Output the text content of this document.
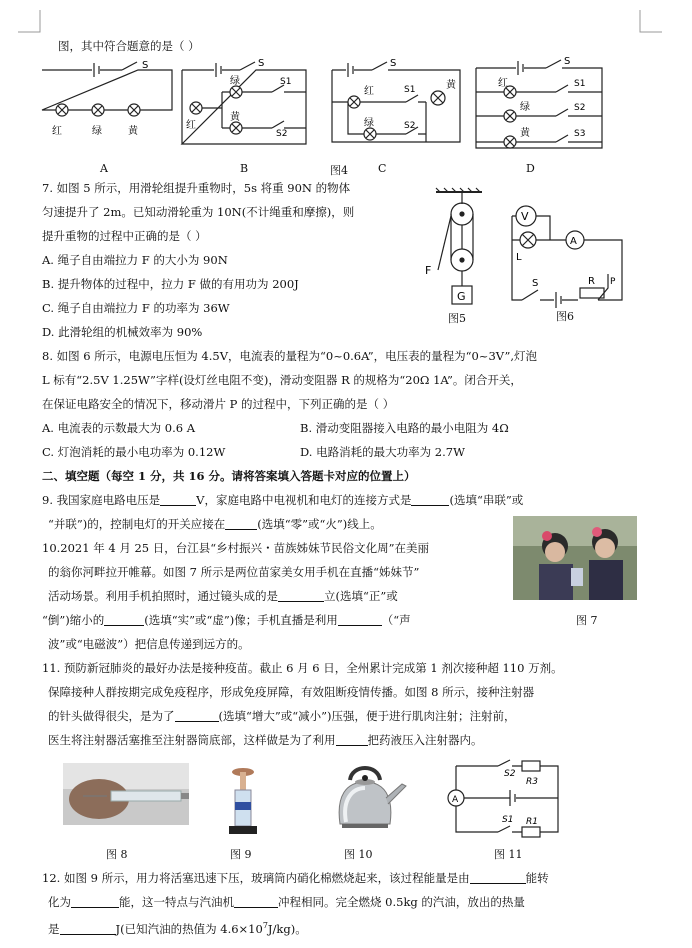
图，其中符合题意的是（ ）
S
红	绿	黄
S
S1
S2
绿
黄
红
S
S1
S2
红
绿
黄
S
S1
S2
S3
红
绿
黄
A	B	图4	C	D
7. 如图 5 所示，用滑轮组提升重物时，5s 将重 90N 的物体
匀速提升了 2m。已知动滑轮重为 10N(不计绳重和摩擦)，则
提升重物的过程中正确的是（ ）
A. 绳子自由端拉力 F 的大小为 90N
B. 提升物体的过程中，拉力 F 做的有用功为 200J
C. 绳子自由端拉力 F 的功率为 36W
D. 此滑轮组的机械效率为 90%
F
G
图5
V
A
L
S	R P
图6
8. 如图 6 所示，电源电压恒为 4.5V，电流表的量程为“0~0.6A”，电压表的量程为“0~3V”,灯泡
L 标有“2.5V 1.25W”字样(设灯丝电阻不变)，滑动变阻器 R 的规格为“20Ω 1A”。闭合开关，
在保证电路安全的情况下，移动滑片 P 的过程中，下列正确的是（ ）
A. 电流表的示数最大为 0.6 A	B. 滑动变阻器接入电路的最小电阻为 4Ω
C. 灯泡消耗的最小电功率为 0.12W	D. 电路消耗的最大功率为 2.7W
二、填空题（每空 1 分，共 16 分。请将答案填入答题卡对应的位置上）
9. 我国家庭电路电压是	V，家庭电路中电视机和电灯的连接方式是	(选填“串联”或
“并联”)的，控制电灯的开关应接在	(选填“零”或“火”)线上。
10.2021 年 4 月 25 日，台江县“乡村振兴・苗族姊妹节民俗文化周”在美丽
的翁你河畔拉开帷幕。如图 7 所示是两位苗家美女用手机在直播“姊妹节”
活动场景。利用手机拍照时，通过镜头成的是	立(选填“正”或
“倒”)缩小的	(选填“实”或“虚”)像；手机直播是利用	（“声
波”或“电磁波”）把信息传递到远方的。
图 7
11. 预防新冠肺炎的最好办法是接种疫苗。截止 6 月 6 日，全州累计完成第 1 剂次接种超 110 万剂。
保障接种人群按期完成免疫程序，形成免疫屏障，有效阻断疫情传播。如图 8 所示，接种注射器
的针头做得很尖，是为了	(选填“增大”或“减小”)压强，便于进行肌肉注射；注射前，
医生将注射器活塞推至注射器筒底部，这样做是为了利用	把药液压入注射器内。
S2
R3
A
S1 R1
图 8	图 9	图 10	图 11
12. 如图 9 所示，用力将活塞迅速下压，玻璃筒内硝化棉燃烧起来，该过程能量是由	能转
化为	能，这一特点与汽油机	冲程相同。完全燃烧 0.5kg 的汽油，放出的热量
是	J(已知汽油的热值为 $4.6\times 10^7J/kg$)。
